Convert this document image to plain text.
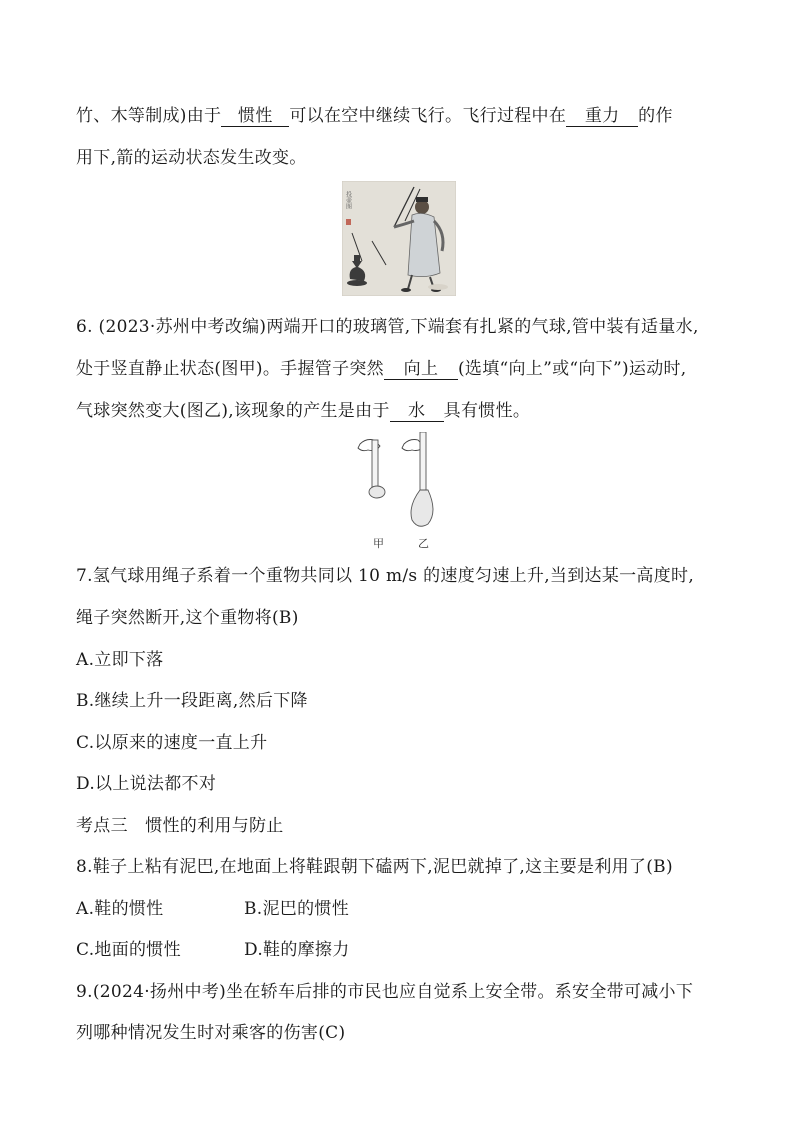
竹、木等制成)由于 惯性 可以在空中继续飞行。飞行过程中在 重力 的作
用下,箭的运动状态发生改变。
投壶图
6. (2023·苏州中考改编)两端开口的玻璃管,下端套有扎紧的气球,管中装有适量水,
处于竖直静止状态(图甲)。手握管子突然 向上 (选填“向上”或“向下”)运动时,
气球突然变大(图乙),该现象的产生是由于 水 具有惯性。
甲	乙
7.氢气球用绳子系着一个重物共同以 10 m/s 的速度匀速上升,当到达某一高度时,
绳子突然断开,这个重物将(B)
A.立即下落
B.继续上升一段距离,然后下降
C.以原来的速度一直上升
D.以上说法都不对
考点三　惯性的利用与防止
8.鞋子上粘有泥巴,在地面上将鞋跟朝下磕两下,泥巴就掉了,这主要是利用了(B)
A.鞋的惯性	B.泥巴的惯性
C.地面的惯性	D.鞋的摩擦力
9.(2024·扬州中考)坐在轿车后排的市民也应自觉系上安全带。系安全带可减小下
列哪种情况发生时对乘客的伤害(C)
